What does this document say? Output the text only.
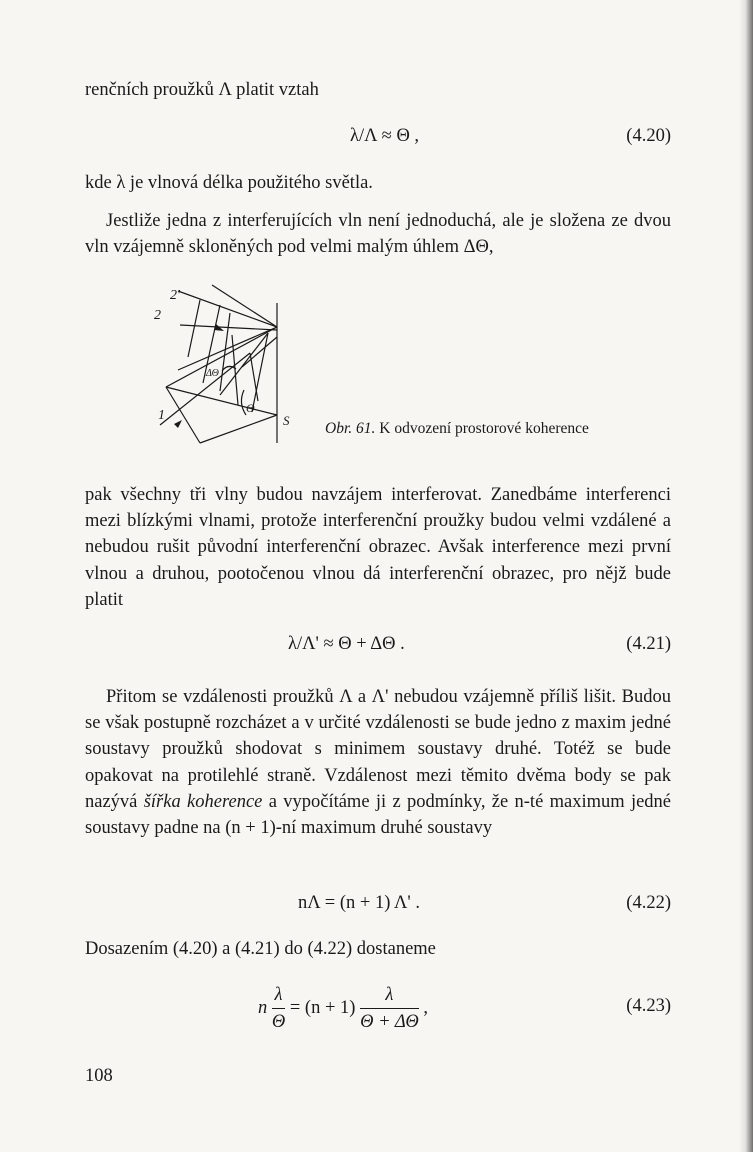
renčních proužků Λ platit vztah

λ/Λ ≈ Θ ,	(4.20)

kde λ je vlnová délka použitého světla.

Jestliže jedna z interferujících vln není jednoduchá, ale je složena ze dvou vln vzájemně skloněných pod velmi malým úhlem ΔΘ,

2'
2
1
ΔΘ
Θ
S Obr. 61. K odvození prostorové koherence

pak všechny tři vlny budou navzájem interferovat. Zanedbáme interferenci mezi blízkými vlnami, protože interferenční proužky budou velmi vzdálené a nebudou rušit původní interferenční obrazec. Avšak interference mezi první vlnou a druhou, pootočenou vlnou dá interferenční obrazec, pro nějž bude platit

λ/Λ' ≈ Θ + ΔΘ .	(4.21)

Přitom se vzdálenosti proužků Λ a Λ' nebudou vzájemně příliš lišit. Budou se však postupně rozcházet a v určité vzdálenosti se bude jedno z maxim jedné soustavy proužků shodovat s minimem soustavy druhé. Totéž se bude opakovat na protilehlé straně. Vzdálenost mezi těmito dvěma body se pak nazývá šířka koherence a vypočítáme ji z podmínky, že n-té maximum jedné soustavy padne na (n + 1)-ní maximum druhé soustavy

nΛ = (n + 1) Λ' .	(4.22)

Dosazením (4.20) a (4.21) do (4.22) dostaneme

n $\frac{\lambda}{\Theta} = (n + 1) \frac{\lambda}{\Theta + \Delta\Theta}$ ,	(4.23)
108
